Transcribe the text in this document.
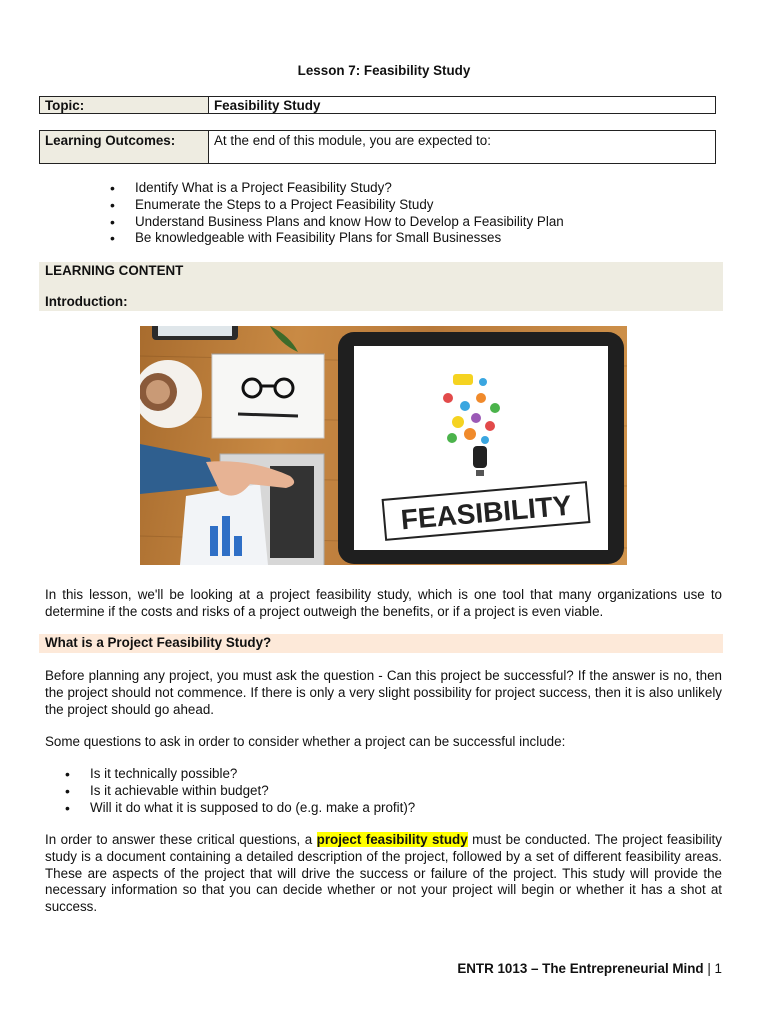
Lesson 7: Feasibility Study
Topic:	Feasibility Study
Learning Outcomes:	At the end of this module, you are expected to:
• Identify What is a Project Feasibility Study?
• Enumerate the Steps to a Project Feasibility Study
• Understand Business Plans and know How to Develop a Feasibility Plan
• Be knowledgeable with Feasibility Plans for Small Businesses
LEARNING CONTENT
Introduction:
FEASIBILITY
In this lesson, we'll be looking at a project feasibility study, which is one tool that many organizations use to determine if the costs and risks of a project outweigh the benefits, or if a project is even viable.
What is a Project Feasibility Study?
Before planning any project, you must ask the question - Can this project be successful? If the answer is no, then the project should not commence. If there is only a very slight possibility for project success, then it is also unlikely the project should go ahead.
Some questions to ask in order to consider whether a project can be successful include:
• Is it technically possible?
• Is it achievable within budget?
• Will it do what it is supposed to do (e.g. make a profit)?
In order to answer these critical questions, a project feasibility study must be conducted. The project feasibility study is a document containing a detailed description of the project, followed by a set of different feasibility areas. These are aspects of the project that will drive the success or failure of the project. This study will provide the necessary information so that you can decide whether or not your project will begin or whether it has a shot at success.
ENTR 1013 – The Entrepreneurial Mind | 1
